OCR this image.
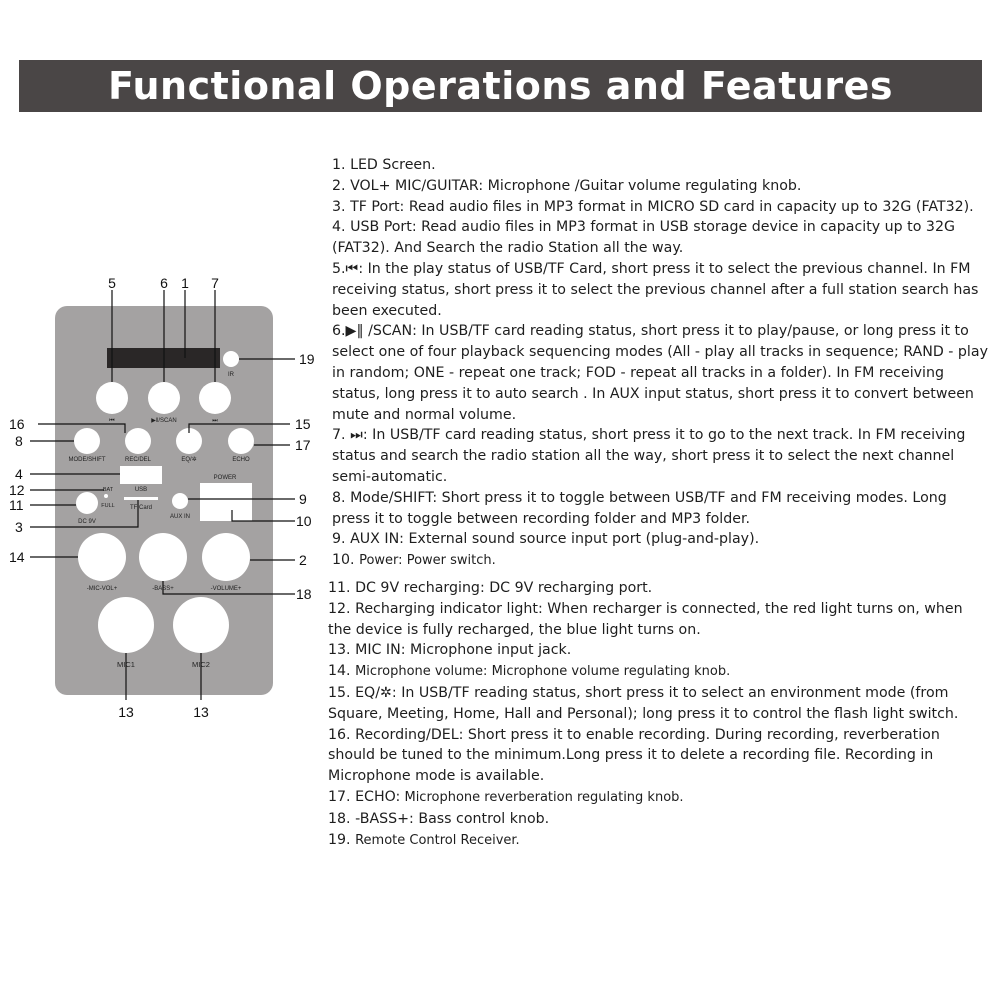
Functional Operations and Features
IR
⏮	▶‖/SCAN	⏭
MODE/SHIFT	REC/DEL	EQ/✲	ECHO
USB
TF Card
POWER
BAT
FULL
DC 9V
AUX IN
-MIC-VOL+	-BASS+	-VOLUME+
MIC1	MIC2
5	6 1 7
19
16	15
8	17
4
12
11	9
3	10
14	2
18
13	13

1. LED Screen.

2. VOL+ MIC/GUITAR: Microphone /Guitar volume regulating knob.

3. TF Port: Read audio files in MP3 format in MICRO SD card in capacity up to 32G (FAT32).

4. USB Port: Read audio files in MP3 format in USB storage device in capacity up to 32G (FAT32). And Search the radio Station all the way.

5.⏮: In the play status of USB/TF Card, short press it to select the previous channel. In FM receiving status, short press it to select the previous channel after a full station search has been executed.

6.▶‖ /SCAN: In USB/TF card reading status, short press it to play/pause, or long press it to select one of four playback sequencing modes (All - play all tracks in sequence; RAND - play in random; ONE - repeat one track; FOD - repeat all tracks in a folder). In FM receiving status, long press it to auto search . In AUX input status, short press it to convert between mute and normal volume.

7. ⏭: In USB/TF card reading status, short press it to go to the next track. In FM receiving status and search the radio station all the way, short press it to select the next channel semi-automatic.

8. Mode/SHIFT: Short press it to toggle between USB/TF and FM receiving modes. Long press it to toggle between recording folder and MP3 folder.

9. AUX IN: External sound source input port (plug-and-play).

10. Power: Power switch.

11. DC 9V recharging: DC 9V recharging port.

12. Recharging indicator light: When recharger is connected, the red light turns on, when the device is fully recharged, the blue light turns on.

13. MIC IN: Microphone input jack.

14. Microphone volume: Microphone volume regulating knob.

15. EQ/✲: In USB/TF reading status, short press it to select an environment mode (from Square, Meeting, Home, Hall and Personal); long press it to control the flash light switch.

16. Recording/DEL: Short press it to enable recording. During recording, reverberation should be tuned to the minimum.Long press it to delete a recording file. Recording in Microphone mode is available.

17. ECHO: Microphone reverberation regulating knob.

18. -BASS+: Bass control knob.

19. Remote Control Receiver.
